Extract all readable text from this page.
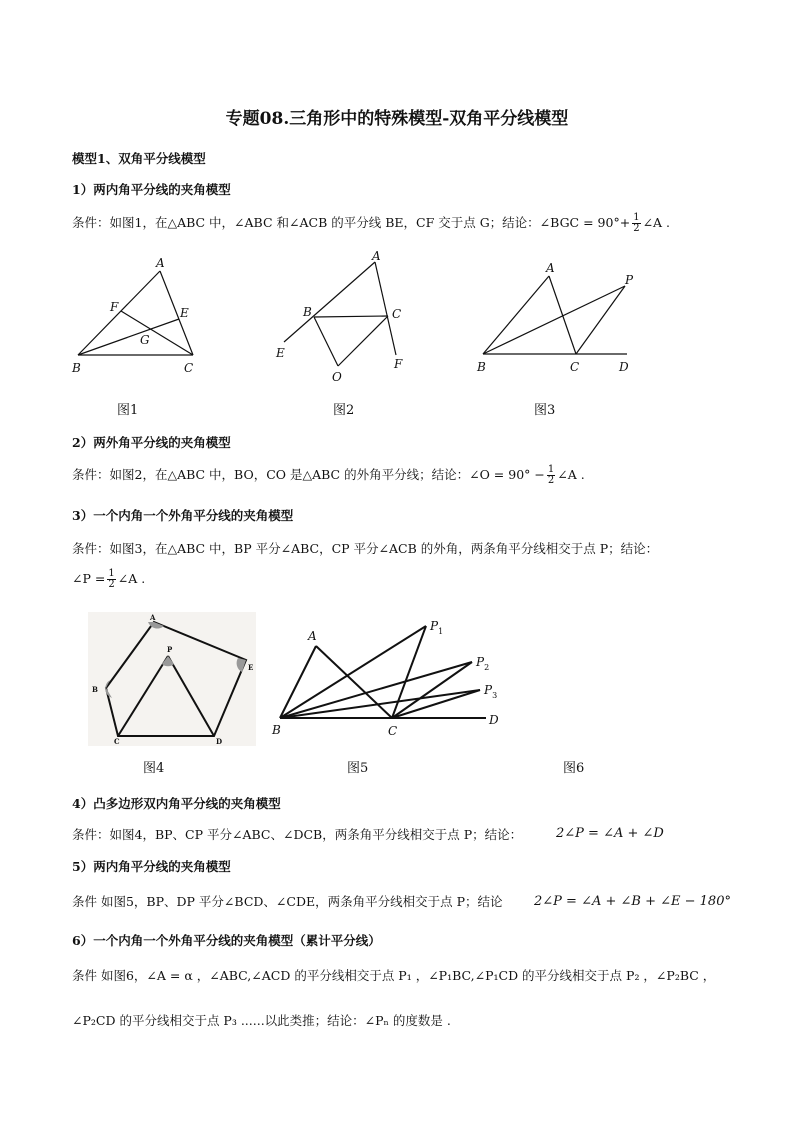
专题08.三角形中的特殊模型-双角平分线模型
模型1、双角平分线模型
1）两内角平分线的夹角模型
条件：如图1，在△ABC 中，∠ABC 和∠ACB 的平分线 BE，CF 交于点 G；结论：∠BGC = $90^\circ+ \frac{1}{2}$ ∠A .
A
B	C
E
F
G
A
B	C
E
F
O
A
B	C	D
P
图1	图2	图3
2）两外角平分线的夹角模型
条件：如图2，在△ABC 中，BO，CO 是△ABC 的外角平分线；结论：∠O = $90^\circ - \frac{1}{2}$ ∠A .
3）一个内角一个外角平分线的夹角模型
条件：如图3，在△ABC 中，BP 平分∠ABC，CP 平分∠ACB 的外角，两条角平分线相交于点 P；结论：
∠P = $\frac{1}{2}$ ∠A .
A
B
C	D
E
P
A
B	C
D
$P_1$
$P_2$
$P_3$
图4	图5	图6
4）凸多边形双内角平分线的夹角模型
条件：如图4，BP、CP 平分∠ABC、∠DCB，两条角平分线相交于点 P；结论：	2∠P = ∠A + ∠D
5）两内角平分线的夹角模型
条件 如图5，BP、DP 平分∠BCD、∠CDE，两条角平分线相交于点 P；结论 2∠P = ∠A + ∠B + ∠E − 180°
6）一个内角一个外角平分线的夹角模型（累计平分线）
条件 如图6，∠A = α ，∠ABC,∠ACD 的平分线相交于点 P₁ ，∠P₁BC,∠P₁CD 的平分线相交于点 P₂ ，∠P₂BC ，
∠P₂CD 的平分线相交于点 P₃ ......以此类推；结论：∠Pₙ 的度数是 .
